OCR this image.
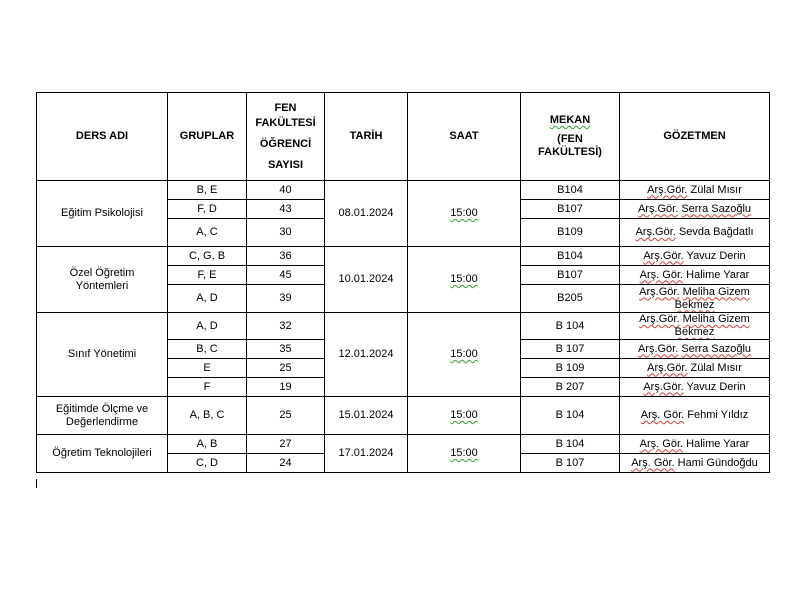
DERS ADI	GRUPLAR	FEN
FAKÜLTESİ
ÖĞRENCİ
SAYISI	TARİH	SAAT	MEKAN
(FEN
FAKÜLTESİ)	GÖZETMEN

Eğitim Psikolojisi	B, E	40	08.01.2024	15:00	B104	Arş.Gör. Zülal Mısır
	F, D	43			B107	Arş.Gör. Serra Sazoğlu
	A, C	30			B109	Arş.Gör. Sevda Bağdatlı

Özel Öğretim
Yöntemleri	C, G, B	36	10.01.2024	15:00	B104	Arş.Gör. Yavuz Derin
	F, E	45			B107	Arş. Gör. Halime Yarar
	A, D	39			B205	Arş.Gör. Meliha Gizem Bekmez

Sınıf Yönetimi	A, D	32	12.01.2024	15:00	B 104	Arş.Gör. Meliha Gizem Bekmez
	B, C	35			B 107	Arş.Gör. Serra Sazoğlu
	E	25			B 109	Arş.Gör. Zülal Mısır
	F	19			B 207	Arş.Gör. Yavuz Derin

Eğitimde Ölçme ve
Değerlendirme	A, B, C	25	15.01.2024	15:00	B 104	Arş. Gör. Fehmi Yıldız

Öğretim Teknolojileri	A, B	27	17.01.2024	15:00	B 104	Arş. Gör. Halime Yarar
	C, D	24			B 107	Arş. Gör. Hami Gündoğdu
